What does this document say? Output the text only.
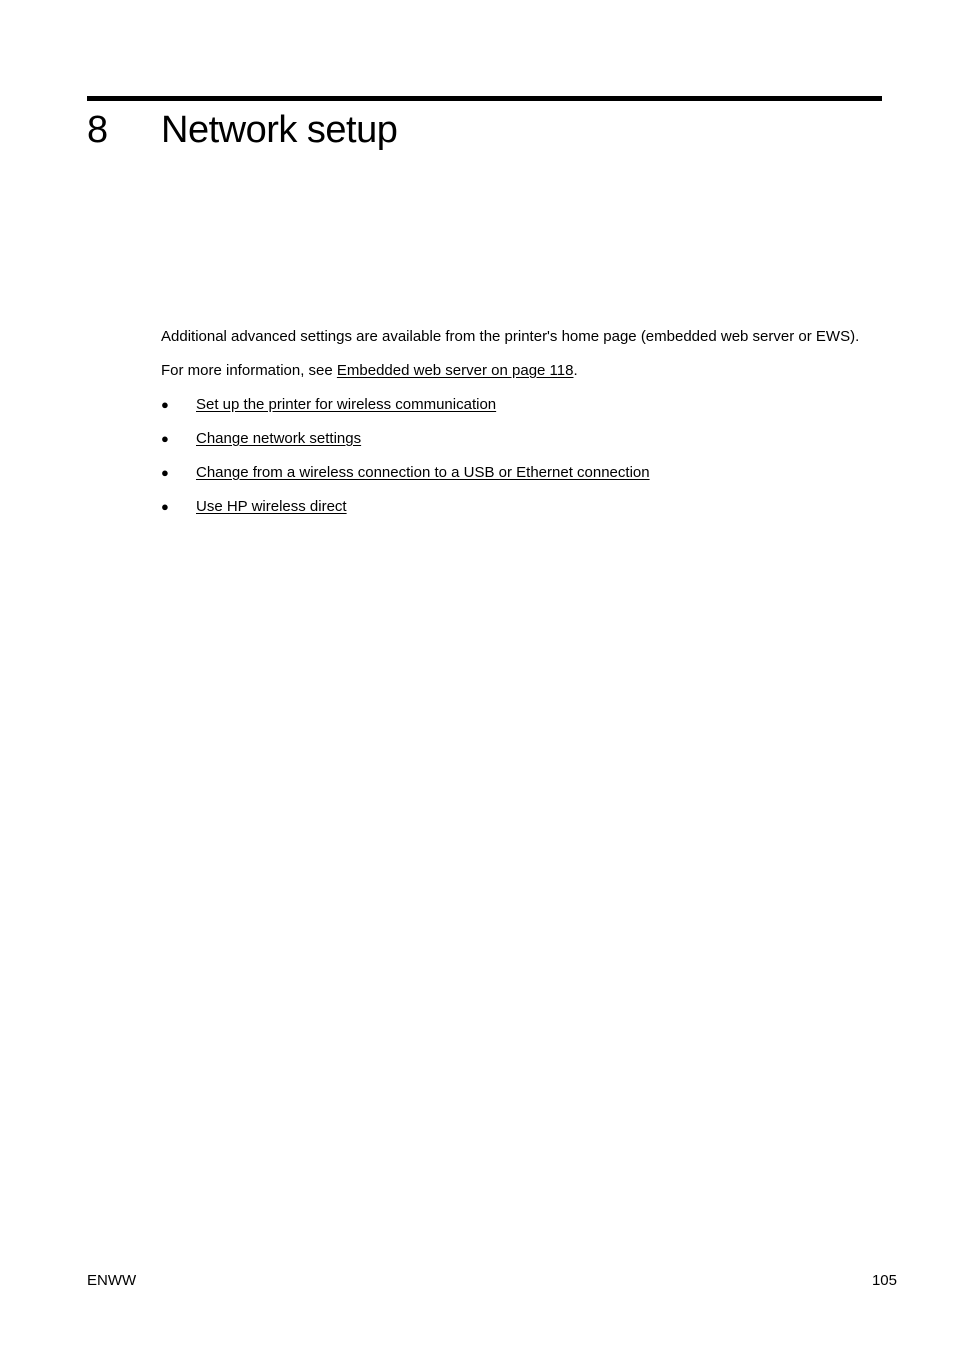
8 Network setup

Additional advanced settings are available from the printer's home page (embedded web server or EWS).

For more information, see Embedded web server on page 118.

● Set up the printer for wireless communication
● Change network settings
● Change from a wireless connection to a USB or Ethernet connection
● Use HP wireless direct
ENWW	105
